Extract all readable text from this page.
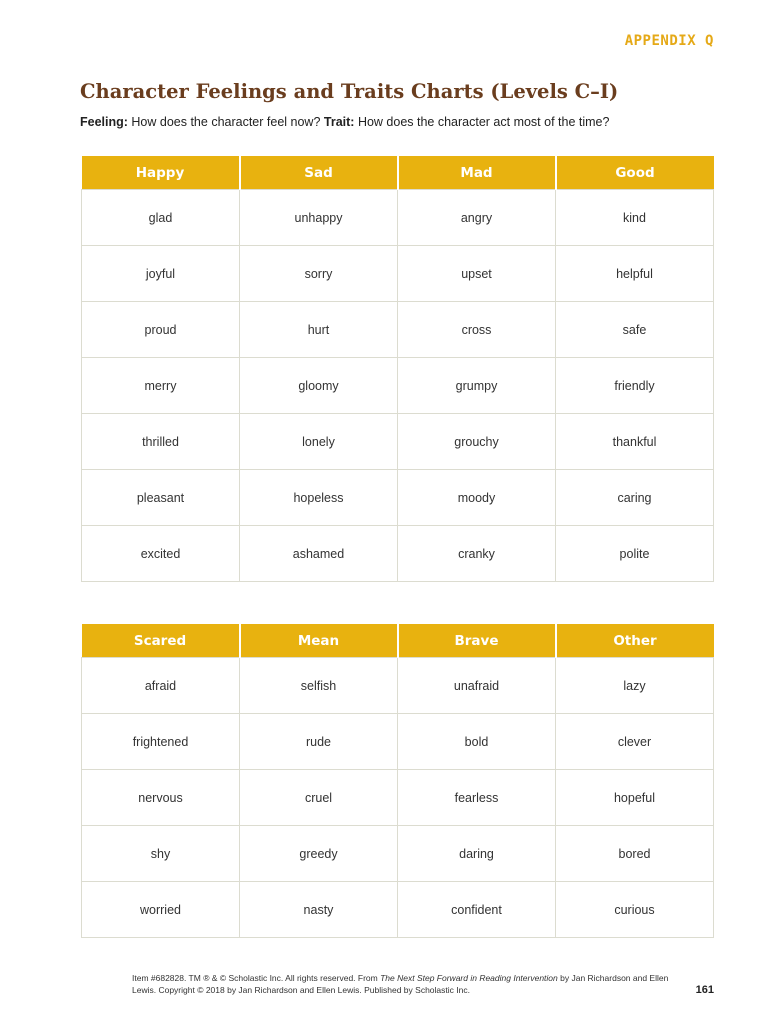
APPENDIX Q
Character Feelings and Traits Charts (Levels C–I)
Feeling: How does the character feel now? Trait: How does the character act most of the time?
Happy	Sad	Mad	Good
glad	unhappy	angry	kind
joyful	sorry	upset	helpful
proud	hurt	cross	safe
merry	gloomy	grumpy	friendly
thrilled	lonely	grouchy	thankful
pleasant	hopeless	moody	caring
excited	ashamed	cranky	polite
Scared	Mean	Brave	Other
afraid	selfish	unafraid	lazy
frightened	rude	bold	clever
nervous	cruel	fearless	hopeful
shy	greedy	daring	bored
worried	nasty	confident	curious
Item #682828. TM ® & © Scholastic Inc. All rights reserved. From The Next Step Forward in Reading Intervention by Jan Richardson and Ellen Lewis. Copyright © 2018 by Jan Richardson and Ellen Lewis. Published by Scholastic Inc.	161
